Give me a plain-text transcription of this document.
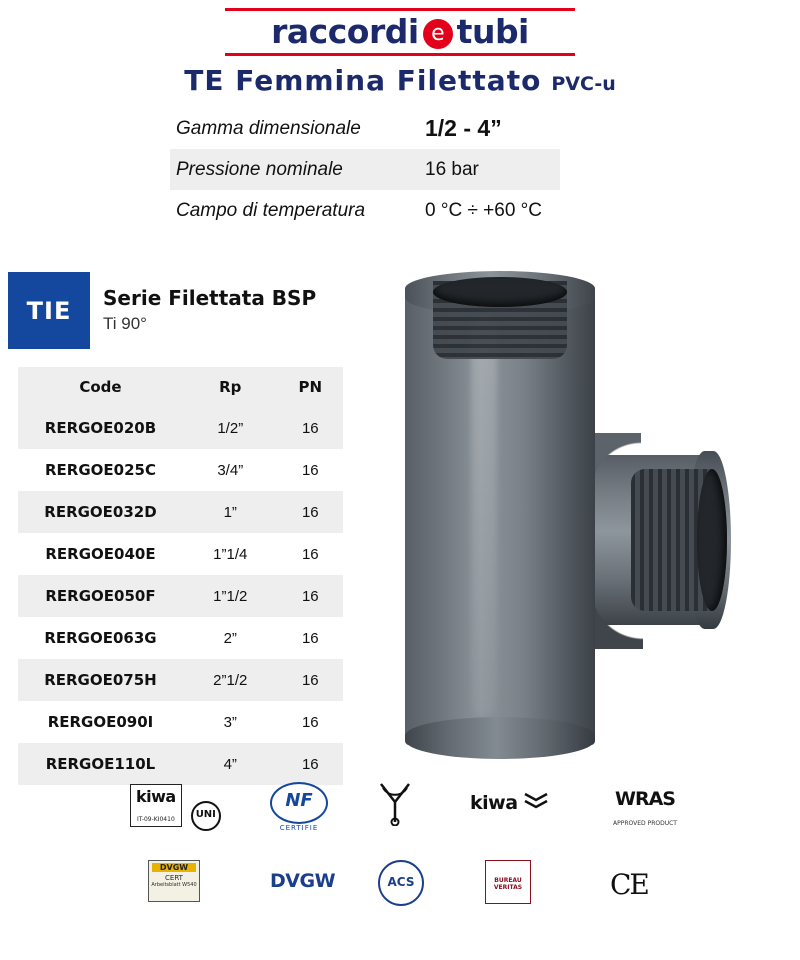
raccordi e tubi
TE Femmina Filettato PVC-u
Gamma dimensionale	1/2 - 4”
Pressione nominale	16 bar
Campo di temperatura	0 °C ÷ +60 °C
TIE	Serie Filettata BSP
Ti 90°
Code	Rp	PN
RERGOE020B	1/2”	16
RERGOE025C	3/4”	16
RERGOE032D	1”	16
RERGOE040E	1”1/4	16
RERGOE050F	1”1/2	16
RERGOE063G	2”	16
RERGOE075H	2”1/2	16
RERGOE090I	3”	16
RERGOE110L	4”	16
kiwa
IT-09-KI0410 UNI
NF
CERTIFIE
kiwa	WRAS APPROVED PRODUCT
DVGW
CERT
Arbeitsblatt W540	DVGW	ACS	BUREAU VERITAS	CE
